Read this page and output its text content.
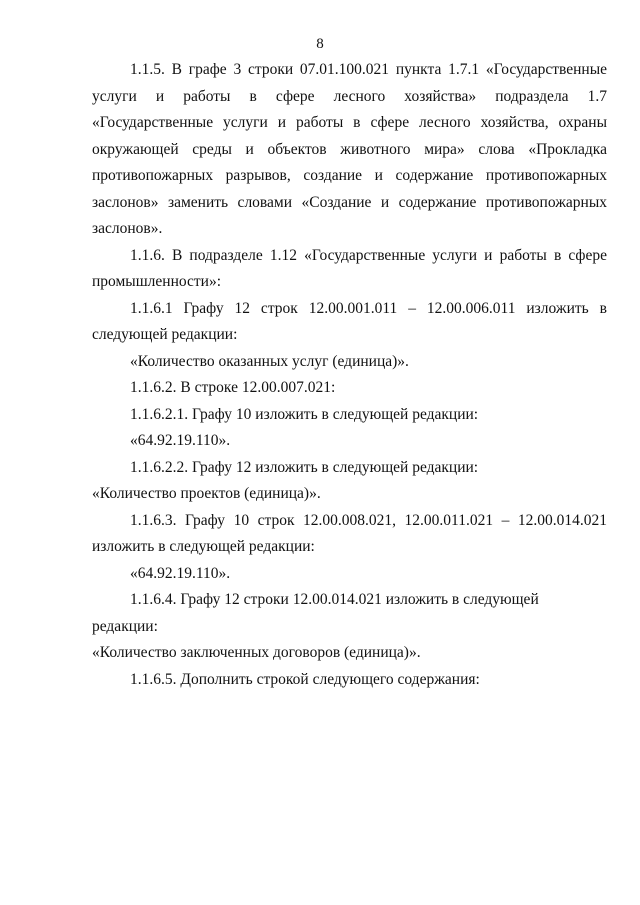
8

1.1.5. В графе 3 строки 07.01.100.021 пункта 1.7.1 «Государственные услуги и работы в сфере лесного хозяйства» подраздела 1.7 «Государственные услуги и работы в сфере лесного хозяйства, охраны окружающей среды и объектов животного мира» слова «Прокладка противопожарных разрывов, создание и содержание противопожарных заслонов» заменить словами «Создание и содержание противопожарных заслонов».

1.1.6. В подразделе 1.12 «Государственные услуги и работы в сфере промышленности»:

1.1.6.1 Графу 12 строк 12.00.001.011 – 12.00.006.011 изложить в следующей редакции:

«Количество оказанных услуг (единица)».

1.1.6.2. В строке 12.00.007.021:

1.1.6.2.1. Графу 10 изложить в следующей редакции:

«64.92.19.110».

1.1.6.2.2. Графу 12 изложить в следующей редакции:

«Количество проектов (единица)».

1.1.6.3. Графу 10 строк 12.00.008.021, 12.00.011.021 – 12.00.014.021 изложить в следующей редакции:

«64.92.19.110».

1.1.6.4. Графу 12 строки 12.00.014.021 изложить в следующей редакции:

«Количество заключенных договоров (единица)».

1.1.6.5. Дополнить строкой следующего содержания:
